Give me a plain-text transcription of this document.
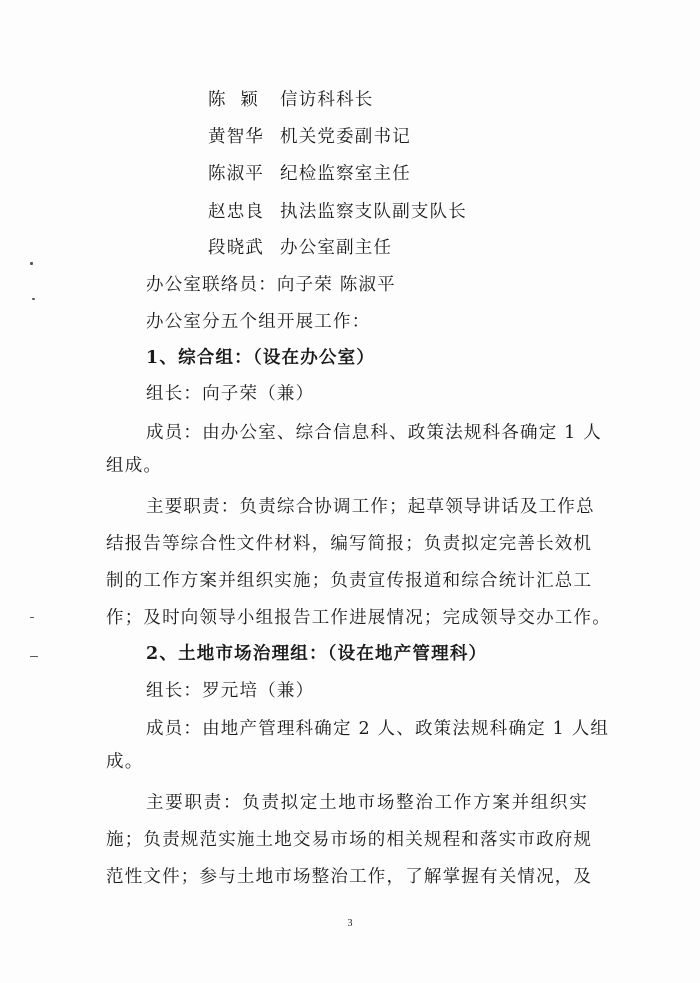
陈  颖 信访科科长
黄智华 机关党委副书记
陈淑平 纪检监察室主任
赵忠良 执法监察支队副支队长
段晓武 办公室副主任
办公室联络员：向子荣 陈淑平
办公室分五个组开展工作：
1、综合组：（设在办公室）
组长：向子荣（兼）
成员：由办公室、综合信息科、政策法规科各确定 1 人
组成。
主要职责：负责综合协调工作；起草领导讲话及工作总
结报告等综合性文件材料，编写简报；负责拟定完善长效机
制的工作方案并组织实施；负责宣传报道和综合统计汇总工
作；及时向领导小组报告工作进展情况；完成领导交办工作。
2、土地市场治理组：（设在地产管理科）
组长：罗元培（兼）
成员：由地产管理科确定 2 人、政策法规科确定 1 人组
成。
主要职责：负责拟定土地市场整治工作方案并组织实
施；负责规范实施土地交易市场的相关规程和落实市政府规
范性文件；参与土地市场整治工作，了解掌握有关情况，及
3
